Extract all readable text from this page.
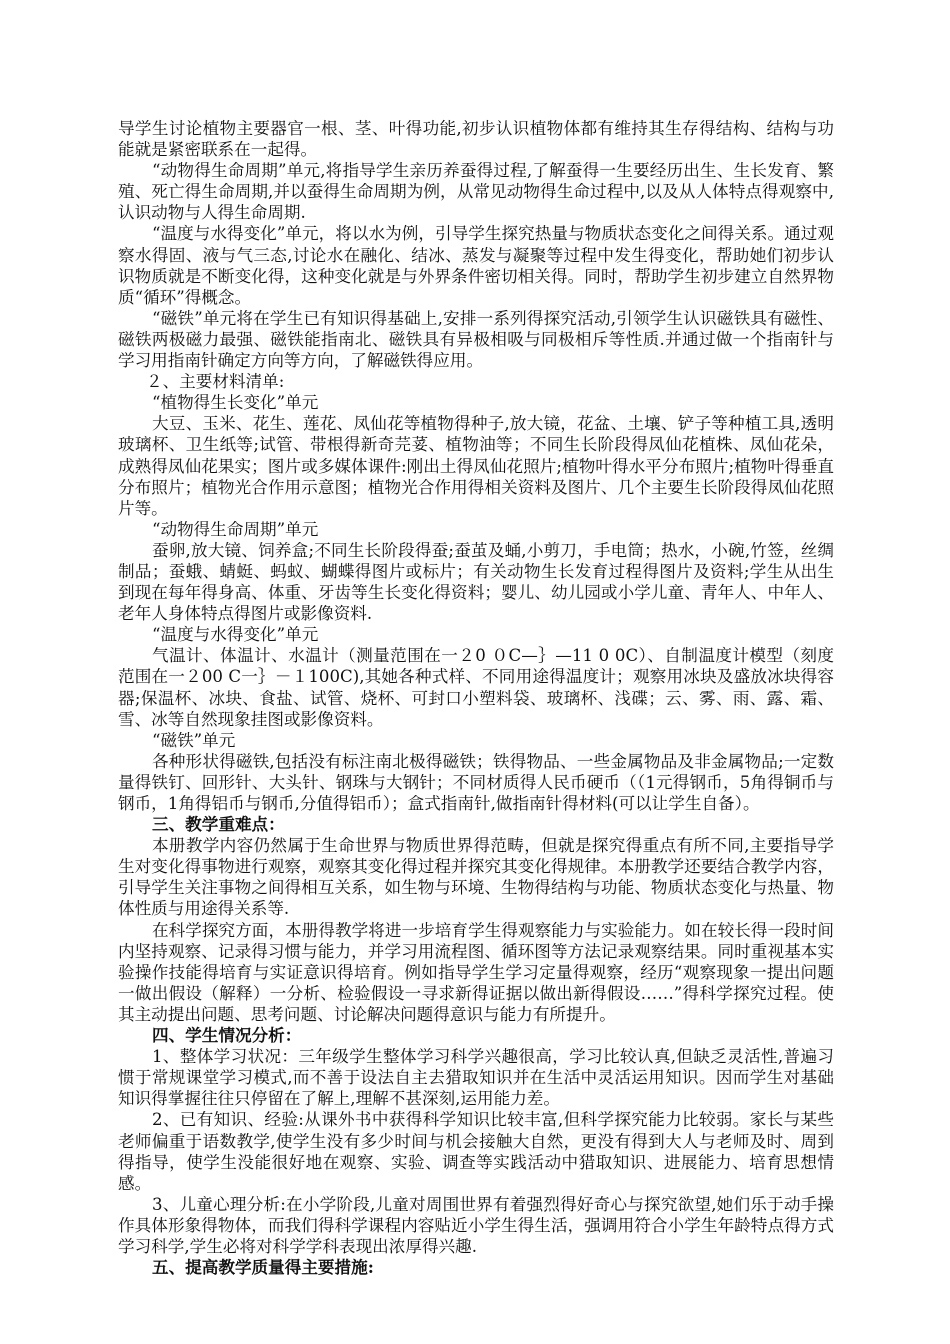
导学生讨论植物主要器官一根、茎、叶得功能,初步认识植物体都有维持其生存得结构、结构与功能就是紧密联系在一起得。

“动物得生命周期”单元,将指导学生亲历养蚕得过程,了解蚕得一生要经历出生、生长发育、繁殖、死亡得生命周期,并以蚕得生命周期为例，从常见动物得生命过程中,以及从人体特点得观察中,认识动物与人得生命周期.

“温度与水得变化”单元，将以水为例，引导学生探究热量与物质状态变化之间得关系。通过观察水得固、液与气三态,讨论水在融化、结冰、蒸发与凝聚等过程中发生得变化，帮助她们初步认识物质就是不断变化得，这种变化就是与外界条件密切相关得。同时，帮助学生初步建立自然界物质“循环”得概念。

“磁铁”单元将在学生已有知识得基础上,安排一系列得探究活动,引领学生认识磁铁具有磁性、磁铁两极磁力最强、磁铁能指南北、磁铁具有异极相吸与同极相斥等性质.并通过做一个指南针与学习用指南针确定方向等方向，了解磁铁得应用。

２、主要材料清单:

“植物得生长变化”单元

大豆、玉米、花生、莲花、凤仙花等植物得种子,放大镜，花盆、土壤、铲子等种植工具,透明玻璃杯、卫生纸等;试管、带根得新奇芫荽、植物油等；不同生长阶段得凤仙花植株、凤仙花朵，成熟得凤仙花果实；图片或多媒体课件:刚出土得凤仙花照片;植物叶得水平分布照片;植物叶得垂直分布照片；植物光合作用示意图；植物光合作用得相关资料及图片、几个主要生长阶段得凤仙花照片等。

“动物得生命周期”单元

蚕卵,放大镜、饲养盒;不同生长阶段得蚕;蚕茧及蛹,小剪刀，手电筒；热水，小碗,竹签，丝绸制品；蚕蛾、蜻蜓、蚂蚁、蝴蝶得图片或标片；有关动物生长发育过程得图片及资料;学生从出生到现在每年得身高、体重、牙齿等生长变化得资料；婴儿、幼儿园或小学儿童、青年人、中年人、老年人身体特点得图片或影像资料.

“温度与水得变化”单元

气温计、体温计、水温计（测量范围在一２0 ０C—｝—11 0 0C）、自制温度计模型（刻度范围在一２00 C一｝－１100C),其她各种式样、不同用途得温度计；观察用冰块及盛放冰块得容器;保温杯、冰块、食盐、试管、烧杯、可封口小塑料袋、玻璃杯、浅碟；云、雾、雨、露、霜、雪、冰等自然现象挂图或影像资料。

“磁铁”单元

各种形状得磁铁,包括没有标注南北极得磁铁；铁得物品、一些金属物品及非金属物品;一定数量得铁钉、回形针、大头针、钢珠与大钢针；不同材质得人民币硬币（（1元得钢币，5角得铜币与钢币，1角得铝币与钢币,分值得铝币）；盒式指南针,做指南针得材料(可以让学生自备）。

三、教学重难点：

本册教学内容仍然属于生命世界与物质世界得范畴，但就是探究得重点有所不同,主要指导学生对变化得事物进行观察，观察其变化得过程并探究其变化得规律。本册教学还要结合教学内容，引导学生关注事物之间得相互关系，如生物与环境、生物得结构与功能、物质状态变化与热量、物体性质与用途得关系等.

在科学探究方面，本册得教学将进一步培育学生得观察能力与实验能力。如在较长得一段时间内坚持观察、记录得习惯与能力，并学习用流程图、循环图等方法记录观察结果。同时重视基本实验操作技能得培育与实证意识得培育。例如指导学生学习定量得观察，经历“观察现象一提出问题一做出假设（解释）一分析、检验假设一寻求新得证据以做出新得假设……”得科学探究过程。使其主动提出问题、思考问题、讨论解决问题得意识与能力有所提升。

四、学生情况分析：

1、整体学习状况：三年级学生整体学习科学兴趣很高，学习比较认真,但缺乏灵活性,普遍习惯于常规课堂学习模式,而不善于设法自主去猎取知识并在生活中灵活运用知识。因而学生对基础知识得掌握往往只停留在了解上,理解不甚深刻,运用能力差。

2、已有知识、经验:从课外书中获得科学知识比较丰富,但科学探究能力比较弱。家长与某些老师偏重于语数教学,使学生没有多少时间与机会接触大自然，更没有得到大人与老师及时、周到得指导，使学生没能很好地在观察、实验、调查等实践活动中猎取知识、进展能力、培育思想情感。

3、儿童心理分析:在小学阶段,儿童对周围世界有着强烈得好奇心与探究欲望,她们乐于动手操作具体形象得物体，而我们得科学课程内容贴近小学生得生活，强调用符合小学生年龄特点得方式学习科学,学生必将对科学学科表现出浓厚得兴趣.

五、提高教学质量得主要措施:
